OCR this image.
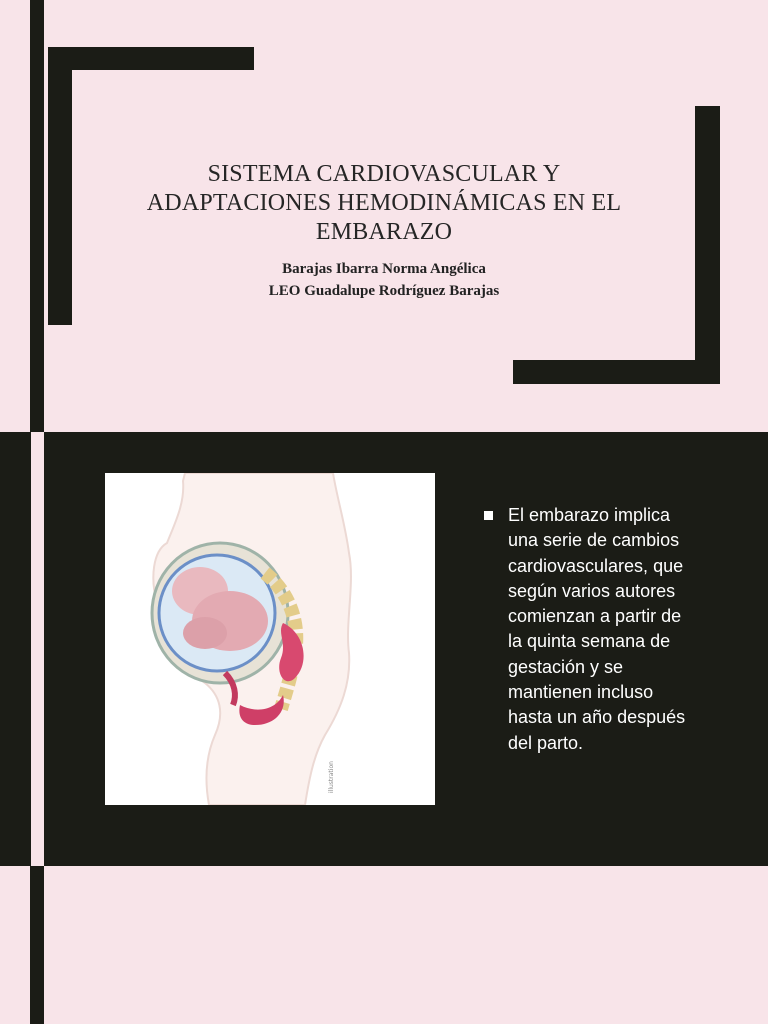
SISTEMA CARDIOVASCULAR Y
ADAPTACIONES HEMODINÁMICAS EN EL
EMBARAZO
Barajas Ibarra Norma Angélica
LEO Guadalupe Rodríguez Barajas
illustration
El embarazo implica
una serie de cambios
cardiovasculares, que
según varios autores
comienzan a partir de
la quinta semana de
gestación y se
mantienen incluso
hasta un año después
del parto.
